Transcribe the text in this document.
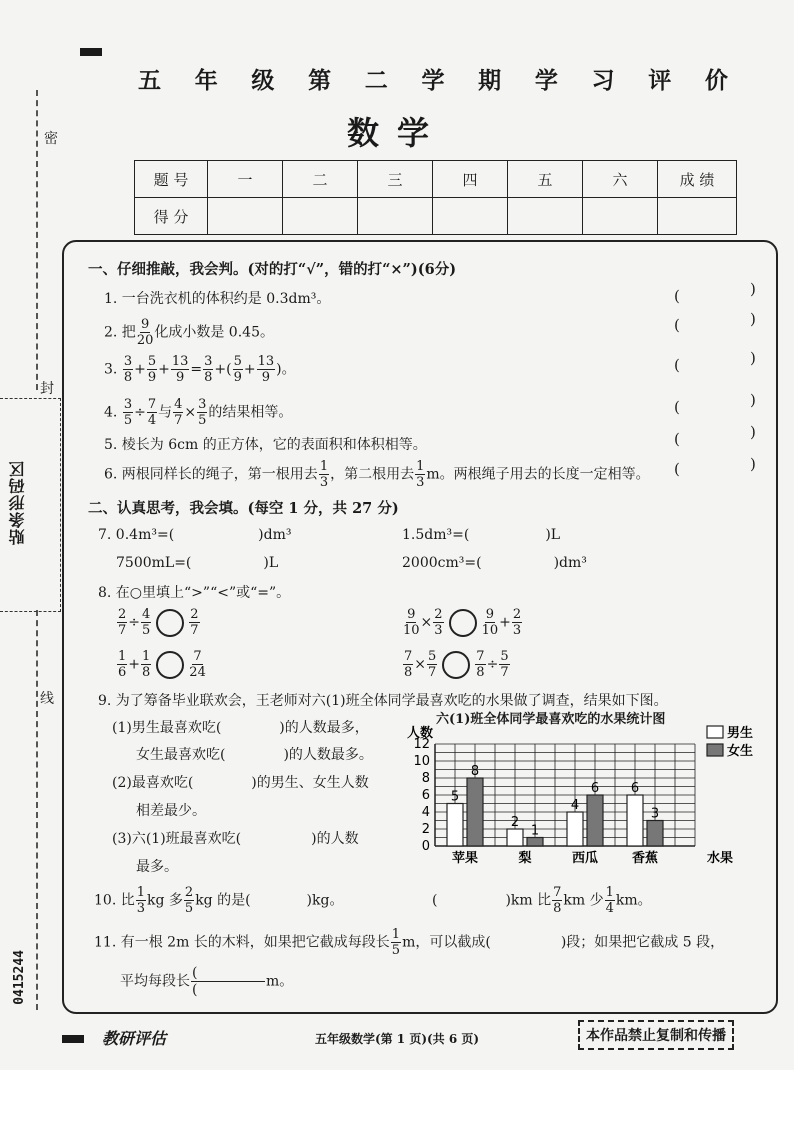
密
封
线
贴条形码区
0415244
五 年 级 第 二 学 期 学 习 评 价
数学
题 号	一	二	三	四	五	六	成 绩
得 分							
一、仔细推敲，我会判。(对的打“√”，错的打“×”)(6分)
1. 一台洗衣机的体积约是 0.3dm³。
2. 把 $\frac{9}{20}$ 化成小数是 0.45。
3. $\frac{3}{8} + \frac{5}{9} + \frac{13}{9} = \frac{3}{8}$ +( $\frac{5}{9} + \frac{13}{9}$ )。
4. $\frac{3}{5} \div \frac{7}{4}$ 与 $\frac{4}{7} \times \frac{3}{5}$ 的结果相等。
5. 棱长为 6cm 的正方体，它的表面积和体积相等。
6. 两根同样长的绳子，第一根用去 $\frac{1}{3}$ ，第二根用去 $\frac{1}{3}$ m。两根绳子用去的长度一定相等。
(	)
(	)
(	)
(	)
(	)
(	)
二、认真思考，我会填。(每空 1 分，共 27 分)
7. 0.4m³=(	)dm³	1.5dm³=(	)L
7500mL=(	)L	2000cm³=(	)dm³
8. 在○里填上“>”“<”或“=”。
$\frac{2}{7} \div \frac{4}{5}$	$\frac{2}{7}$	$\frac{9}{10} \times \frac{2}{3}$	$\frac{9}{10} + \frac{2}{3}$
$\frac{1}{6} + \frac{1}{8}$	$\frac{7}{24}$	$\frac{7}{8} \times \frac{5}{7}$	$\frac{7}{8} \div \frac{5}{7}$
9. 为了筹备毕业联欢会，王老师对六(1)班全体同学最喜欢吃的水果做了调查，结果如下图。
(1)男生最喜欢吃(	)的人数最多，
女生最喜欢吃(	)的人数最多。
(2)最喜欢吃(	)的男生、女生人数
相差最少。
(3)六(1)班最喜欢吃(	)的人数
最多。
六(1)班全体同学最喜欢吃的水果统计图
0
2
4
6
8
10
12
人数
5
8
苹果
2
1
梨
4
6
西瓜
6
3
香蕉	水果
男生
女生
10. 比 $\frac{1}{3}$ kg 多 $\frac{2}{5}$ kg 的是(	)kg。	(	)km 比 $\frac{7}{8}$ km 少 $\frac{1}{4}$ km。
11. 有一根 2m 长的木料，如果把它截成每段长 $\frac{1}{5}$ m，可以截成(	)段；如果把它截成 5 段，
平均每段长 $\frac{(}{(}$ m。
教研评估	五年级数学(第 1 页)(共 6 页)	本作品禁止复制和传播
